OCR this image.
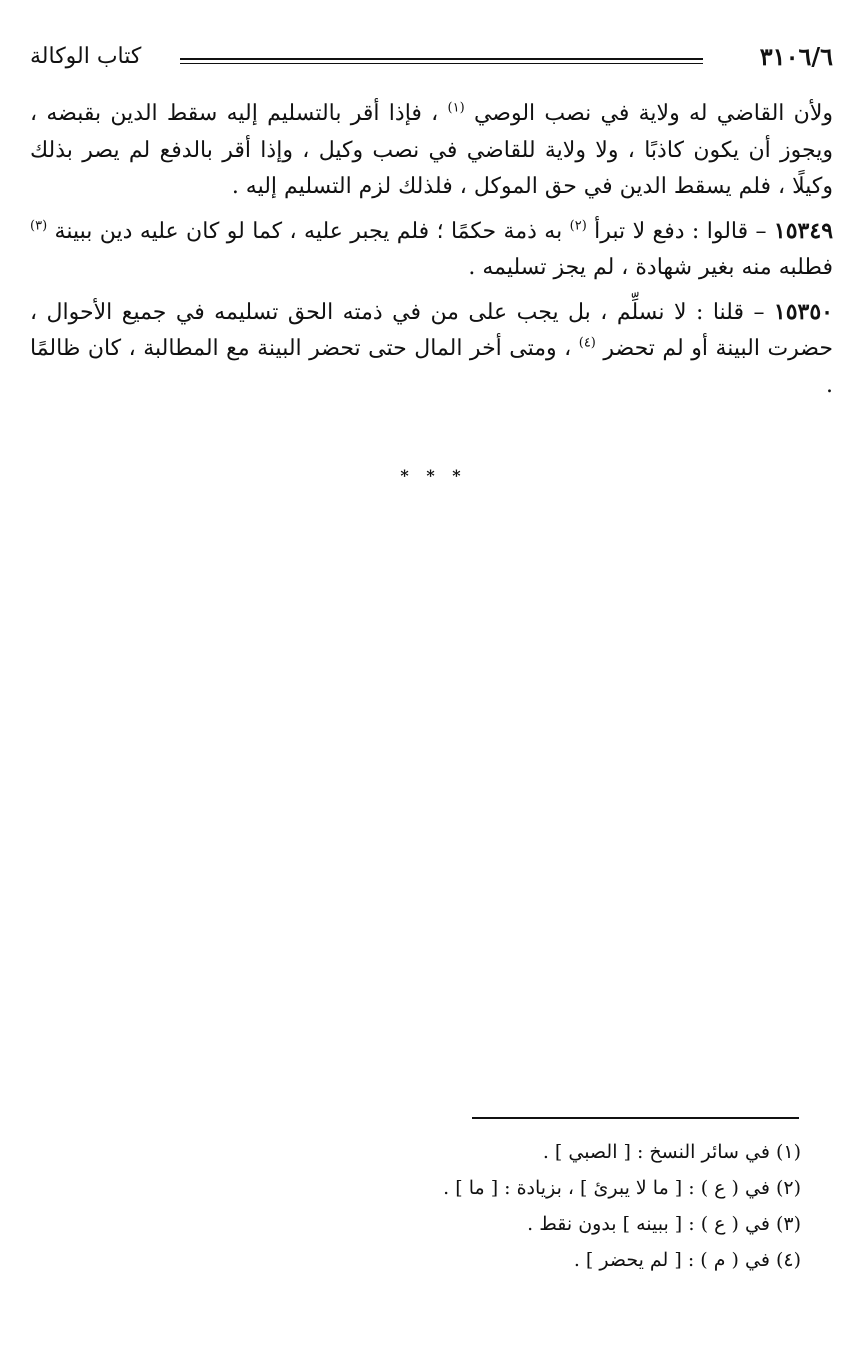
٣١٠٦/٦
كتاب الوكالة

ولأن القاضي له ولاية في نصب الوصي $^{(١)}$ ، فإذا أقر بالتسليم إليه سقط الدين بقبضه ، ويجوز أن يكون كاذبًا ، ولا ولاية للقاضي في نصب وكيل ، وإذا أقر بالدفع لم يصر بذلك وكيلًا ، فلم يسقط الدين في حق الموكل ، فلذلك لزم التسليم إليه .

١٥٣٤٩ – قالوا : دفع لا تبرأ $^{(٢)}$ به ذمة حكمًا ؛ فلم يجبر عليه ، كما لو كان عليه دين ببينة $^{(٣)}$ فطلبه منه بغير شهادة ، لم يجز تسليمه .

١٥٣٥٠ – قلنا : لا نسلِّم ، بل يجب على من في ذمته الحق تسليمه في جميع الأحوال ، حضرت البينة أو لم تحضر $^{(٤)}$ ، ومتى أخر المال حتى تحضر البينة مع المطالبة ، كان ظالمًا .

* * *
(١) في سائر النسخ : [ الصبي ] .
(٢) في ( ع ) : [ ما لا يبرئ ] ، بزيادة : [ ما ] .
(٣) في ( ع ) : [ ببينه ] بدون نقط .
(٤) في ( م ) : [ لم يحضر ] .
